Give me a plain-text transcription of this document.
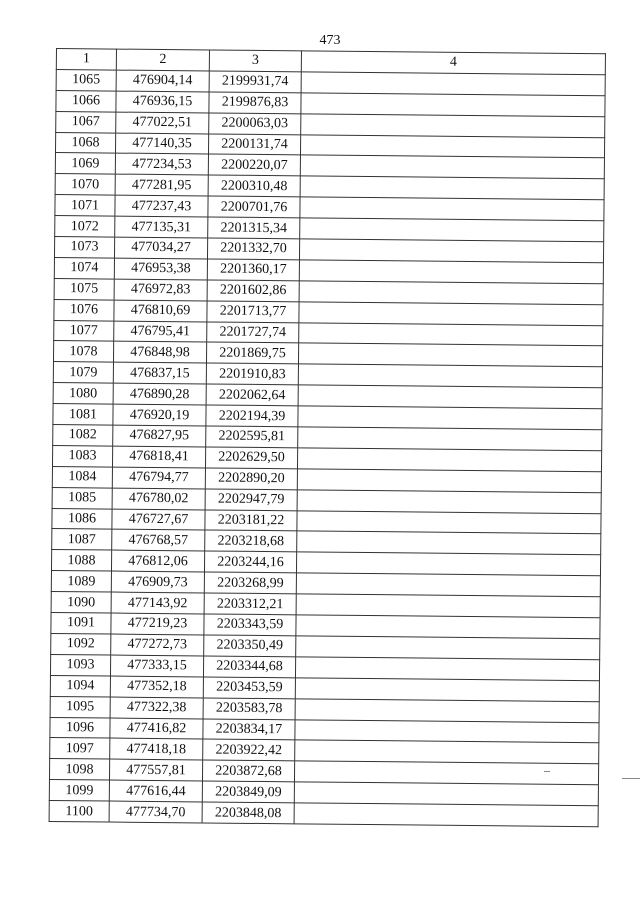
473
1	2	3	4
1065	476904,14	2199931,74	
1066	476936,15	2199876,83	
1067	477022,51	2200063,03	
1068	477140,35	2200131,74	
1069	477234,53	2200220,07	
1070	477281,95	2200310,48	
1071	477237,43	2200701,76	
1072	477135,31	2201315,34	
1073	477034,27	2201332,70	
1074	476953,38	2201360,17	
1075	476972,83	2201602,86	
1076	476810,69	2201713,77	
1077	476795,41	2201727,74	
1078	476848,98	2201869,75	
1079	476837,15	2201910,83	
1080	476890,28	2202062,64	
1081	476920,19	2202194,39	
1082	476827,95	2202595,81	
1083	476818,41	2202629,50	
1084	476794,77	2202890,20	
1085	476780,02	2202947,79	
1086	476727,67	2203181,22	
1087	476768,57	2203218,68	
1088	476812,06	2203244,16	
1089	476909,73	2203268,99	
1090	477143,92	2203312,21	
1091	477219,23	2203343,59	
1092	477272,73	2203350,49	
1093	477333,15	2203344,68	
1094	477352,18	2203453,59	
1095	477322,38	2203583,78	
1096	477416,82	2203834,17	
1097	477418,18	2203922,42	
1098	477557,81	2203872,68	
1099	477616,44	2203849,09	
1100	477734,70	2203848,08	
